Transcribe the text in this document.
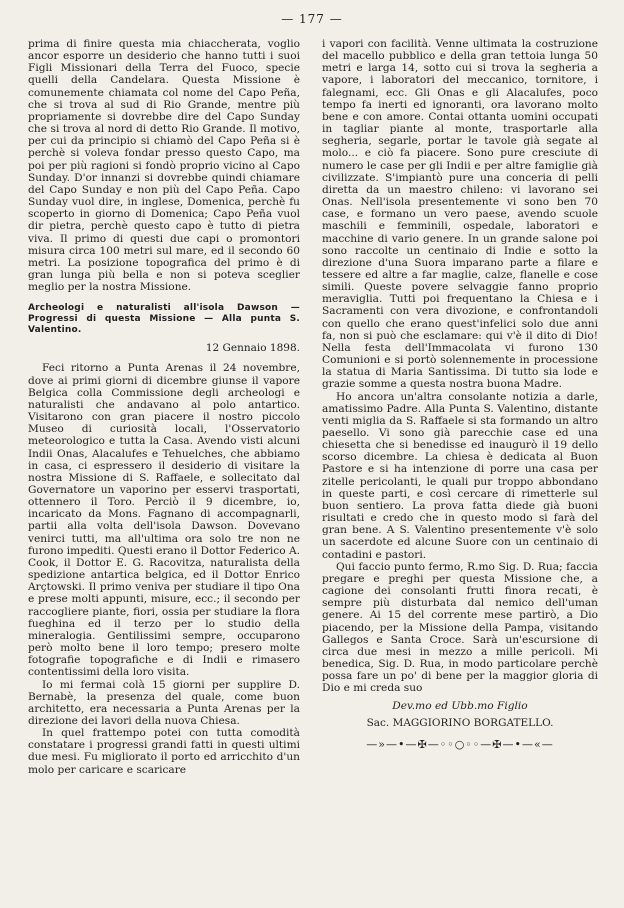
— 177 —

prima di finire questa mia chiaccherata, voglio ancor esporre un desiderio che hanno tutti i suoi Figli Missionari della Terra del Fuoco, specie quelli della Candelara. Questa Missione è comunemente chiamata col nome del Capo Peña, che si trova al sud di Rio Grande, mentre più propriamente si dovrebbe dire del Capo Sunday che si trova al nord di detto Rio Grande. Il motivo, per cui da principio si chiamò del Capo Peña si è perchè si voleva fondar presso questo Capo, ma poi per più ragioni si fondò proprio vicino al Capo Sunday. D'or innanzi si dovrebbe quindi chiamare del Capo Sunday e non più del Capo Peña. Capo Sunday vuol dire, in inglese, Domenica, perchè fu scoperto in giorno di Domenica; Capo Peña vuol dir pietra, perchè questo capo è tutto di pietra viva. Il primo di questi due capi o promontori misura circa 100 metri sul mare, ed il secondo 60 metri. La posizione topografica del primo è di gran lunga più bella e non si poteva sceglier meglio per la nostra Missione.

Archeologi e naturalisti all'isola Dawson — Progressi di questa Missione — Alla punta S. Valentino.
12 Gennaio 1898.

Feci ritorno a Punta Arenas il 24 novembre, dove ai primi giorni di dicembre giunse il vapore Belgica colla Commissione degli archeologi e naturalisti che andavano al polo antartico. Visitarono con gran piacere il nostro piccolo Museo di curiosità locali, l'Osservatorio meteorologico e tutta la Casa. Avendo visti alcuni Indii Onas, Alacalufes e Tehuelches, che abbiamo in casa, ci espressero il desiderio di visitare la nostra Missione di S. Raffaele, e sollecitato dal Governatore un vaporino per esservi trasportati, ottennero il Toro. Perciò il 9 dicembre, io, incaricato da Mons. Fagnano di accompagnarli, partii alla volta dell'isola Dawson. Dovevano venirci tutti, ma all'ultima ora solo tre non ne furono impediti. Questi erano il Dottor Federico A. Cook, il Dottor E. G. Racovitza, naturalista della spedizione antartica belgica, ed il Dottor Enrico Arçtowski. Il primo veniva per studiare il tipo Ona e prese molti appunti, misure, ecc.; il secondo per raccogliere piante, fiori, ossia per studiare la flora fueghina ed il terzo per lo studio della mineralogia. Gentilissimi sempre, occuparono però molto bene il loro tempo; presero molte fotografie topografiche e di Indii e rimasero contentissimi della loro visita.

Io mi fermai colà 15 giorni per supplire D. Bernabè, la presenza del quale, come buon architetto, era necessaria a Punta Arenas per la direzione dei lavori della nuova Chiesa.

In quel frattempo potei con tutta comodità constatare i progressi grandi fatti in questi ultimi due mesi. Fu migliorato il porto ed arricchito d'un molo per caricare e scaricare

i vapori con facilità. Venne ultimata la costruzione del macello pubblico e della gran tettoia lunga 50 metri e larga 14, sotto cui si trova la segheria a vapore, i laboratori del meccanico, tornitore, i falegnami, ecc. Gli Onas e gli Alacalufes, poco tempo fa inerti ed ignoranti, ora lavorano molto bene e con amore. Contai ottanta uomini occupati in tagliar piante al monte, trasportarle alla segheria, segarle, portar le tavole già segate al molo... e ciò fa piacere. Sono pure cresciute di numero le case per gli Indii e per altre famiglie già civilizzate. S'impiantò pure una conceria di pelli diretta da un maestro chileno: vi lavorano sei Onas. Nell'isola presentemente vi sono ben 70 case, e formano un vero paese, avendo scuole maschili e femminili, ospedale, laboratori e macchine di vario genere. In un grande salone poi sono raccolte un centinaio di Indie e sotto la direzione d'una Suora imparano parte a filare e tessere ed altre a far maglie, calze, flanelle e cose simili. Queste povere selvaggie fanno proprio meraviglia. Tutti poi frequentano la Chiesa e i Sacramenti con vera divozione, e confrontandoli con quello che erano quest'infelici solo due anni fa, non si può che esclamare: qui v'è il dito di Dio! Nella festa dell'Immacolata vi furono 130 Comunioni e si portò solennemente in processione la statua di Maria Santissima. Di tutto sia lode e grazie somme a questa nostra buona Madre.

Ho ancora un'altra consolante notizia a darle, amatissimo Padre. Alla Punta S. Valentino, distante venti miglia da S. Raffaele si sta formando un altro paesello. Vi sono già parecchie case ed una chiesetta che si benedisse ed inaugurò il 19 dello scorso dicembre. La chiesa è dedicata al Buon Pastore e si ha intenzione di porre una casa per zitelle pericolanti, le quali pur troppo abbondano in queste parti, e così cercare di rimetterle sul buon sentiero. La prova fatta diede già buoni risultati e credo che in questo modo si farà del gran bene. A S. Valentino presentemente v'è solo un sacerdote ed alcune Suore con un centinaio di contadini e pastori.

Qui faccio punto fermo, R.mo Sig. D. Rua; faccia pregare e preghi per questa Missione che, a cagione dei consolanti frutti finora recati, è sempre più disturbata dal nemico dell'uman genere. Ai 15 del corrente mese partirò, a Dio piacendo, per la Missione della Pampa, visitando Gallegos e Santa Croce. Sarà un'escursione di circa due mesi in mezzo a mille pericoli. Mi benedica, Sig. D. Rua, in modo particolare perchè possa fare un po' di bene per la maggior gloria di Dio e mi creda suo

Dev.mo ed Ubb.mo Figlio
Sac. MAGGIORINO BORGATELLO.
—»—•—✠—◦◦○◦◦—✠—•—«—
